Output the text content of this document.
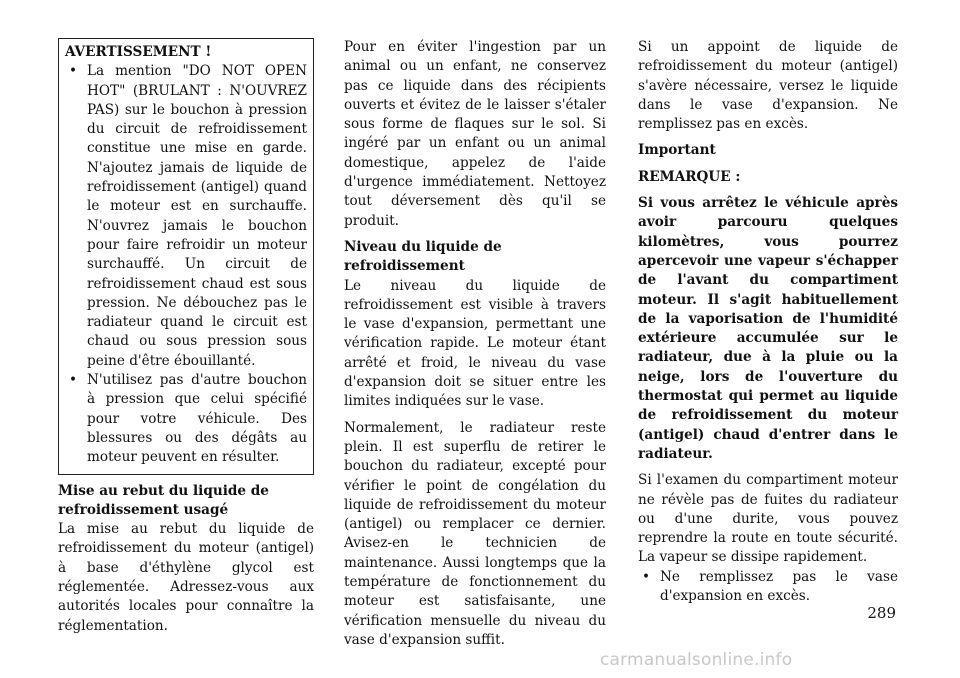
AVERTISSEMENT !

• La mention "DO NOT OPEN HOT" (BRULANT : N'OUVREZ PAS) sur le bouchon à pression du circuit de refroidissement constitue une mise en garde. N'ajoutez jamais de liquide de refroidissement (antigel) quand le moteur est en surchauffe. N'ouvrez jamais le bouchon pour faire refroidir un moteur surchauffé. Un circuit de refroidissement chaud est sous pression. Ne débouchez pas le radiateur quand le circuit est chaud ou sous pression sous peine d'être ébouillanté.
• N'utilisez pas d'autre bouchon à pression que celui spécifié pour votre véhicule. Des blessures ou des dégâts au moteur peuvent en résulter.

Mise au rebut du liquide de refroidissement usagé

La mise au rebut du liquide de refroidissement du moteur (antigel) à base d'éthylène glycol est réglementée. Adressez-vous aux autorités locales pour connaître la réglementation.

Pour en éviter l'ingestion par un animal ou un enfant, ne conservez pas ce liquide dans des récipients ouverts et évitez de le laisser s'étaler sous forme de flaques sur le sol. Si ingéré par un enfant ou un animal domestique, appelez de l'aide d'urgence immédiatement. Nettoyez tout déversement dès qu'il se produit.

Niveau du liquide de refroidissement

Le niveau du liquide de refroidissement est visible à travers le vase d'expansion, permettant une vérification rapide. Le moteur étant arrêté et froid, le niveau du vase d'expansion doit se situer entre les limites indiquées sur le vase.

Normalement, le radiateur reste plein. Il est superflu de retirer le bouchon du radiateur, excepté pour vérifier le point de congélation du liquide de refroidissement du moteur (antigel) ou remplacer ce dernier. Avisez-en le technicien de maintenance. Aussi longtemps que la température de fonctionnement du moteur est satisfaisante, une vérification mensuelle du niveau du vase d'expansion suffit.

Si un appoint de liquide de refroidissement du moteur (antigel) s'avère nécessaire, versez le liquide dans le vase d'expansion. Ne remplissez pas en excès.

Important

REMARQUE :

Si vous arrêtez le véhicule après avoir parcouru quelques kilomètres, vous pourrez apercevoir une vapeur s'échapper de l'avant du compartiment moteur. Il s'agit habituellement de la vaporisation de l'humidité extérieure accumulée sur le radiateur, due à la pluie ou la neige, lors de l'ouverture du thermostat qui permet au liquide de refroidissement du moteur (antigel) chaud d'entrer dans le radiateur.

Si l'examen du compartiment moteur ne révèle pas de fuites du radiateur ou d'une durite, vous pouvez reprendre la route en toute sécurité. La vapeur se dissipe rapidement.

• Ne remplissez pas le vase d'expansion en excès.
289
carmanualsonline.info
